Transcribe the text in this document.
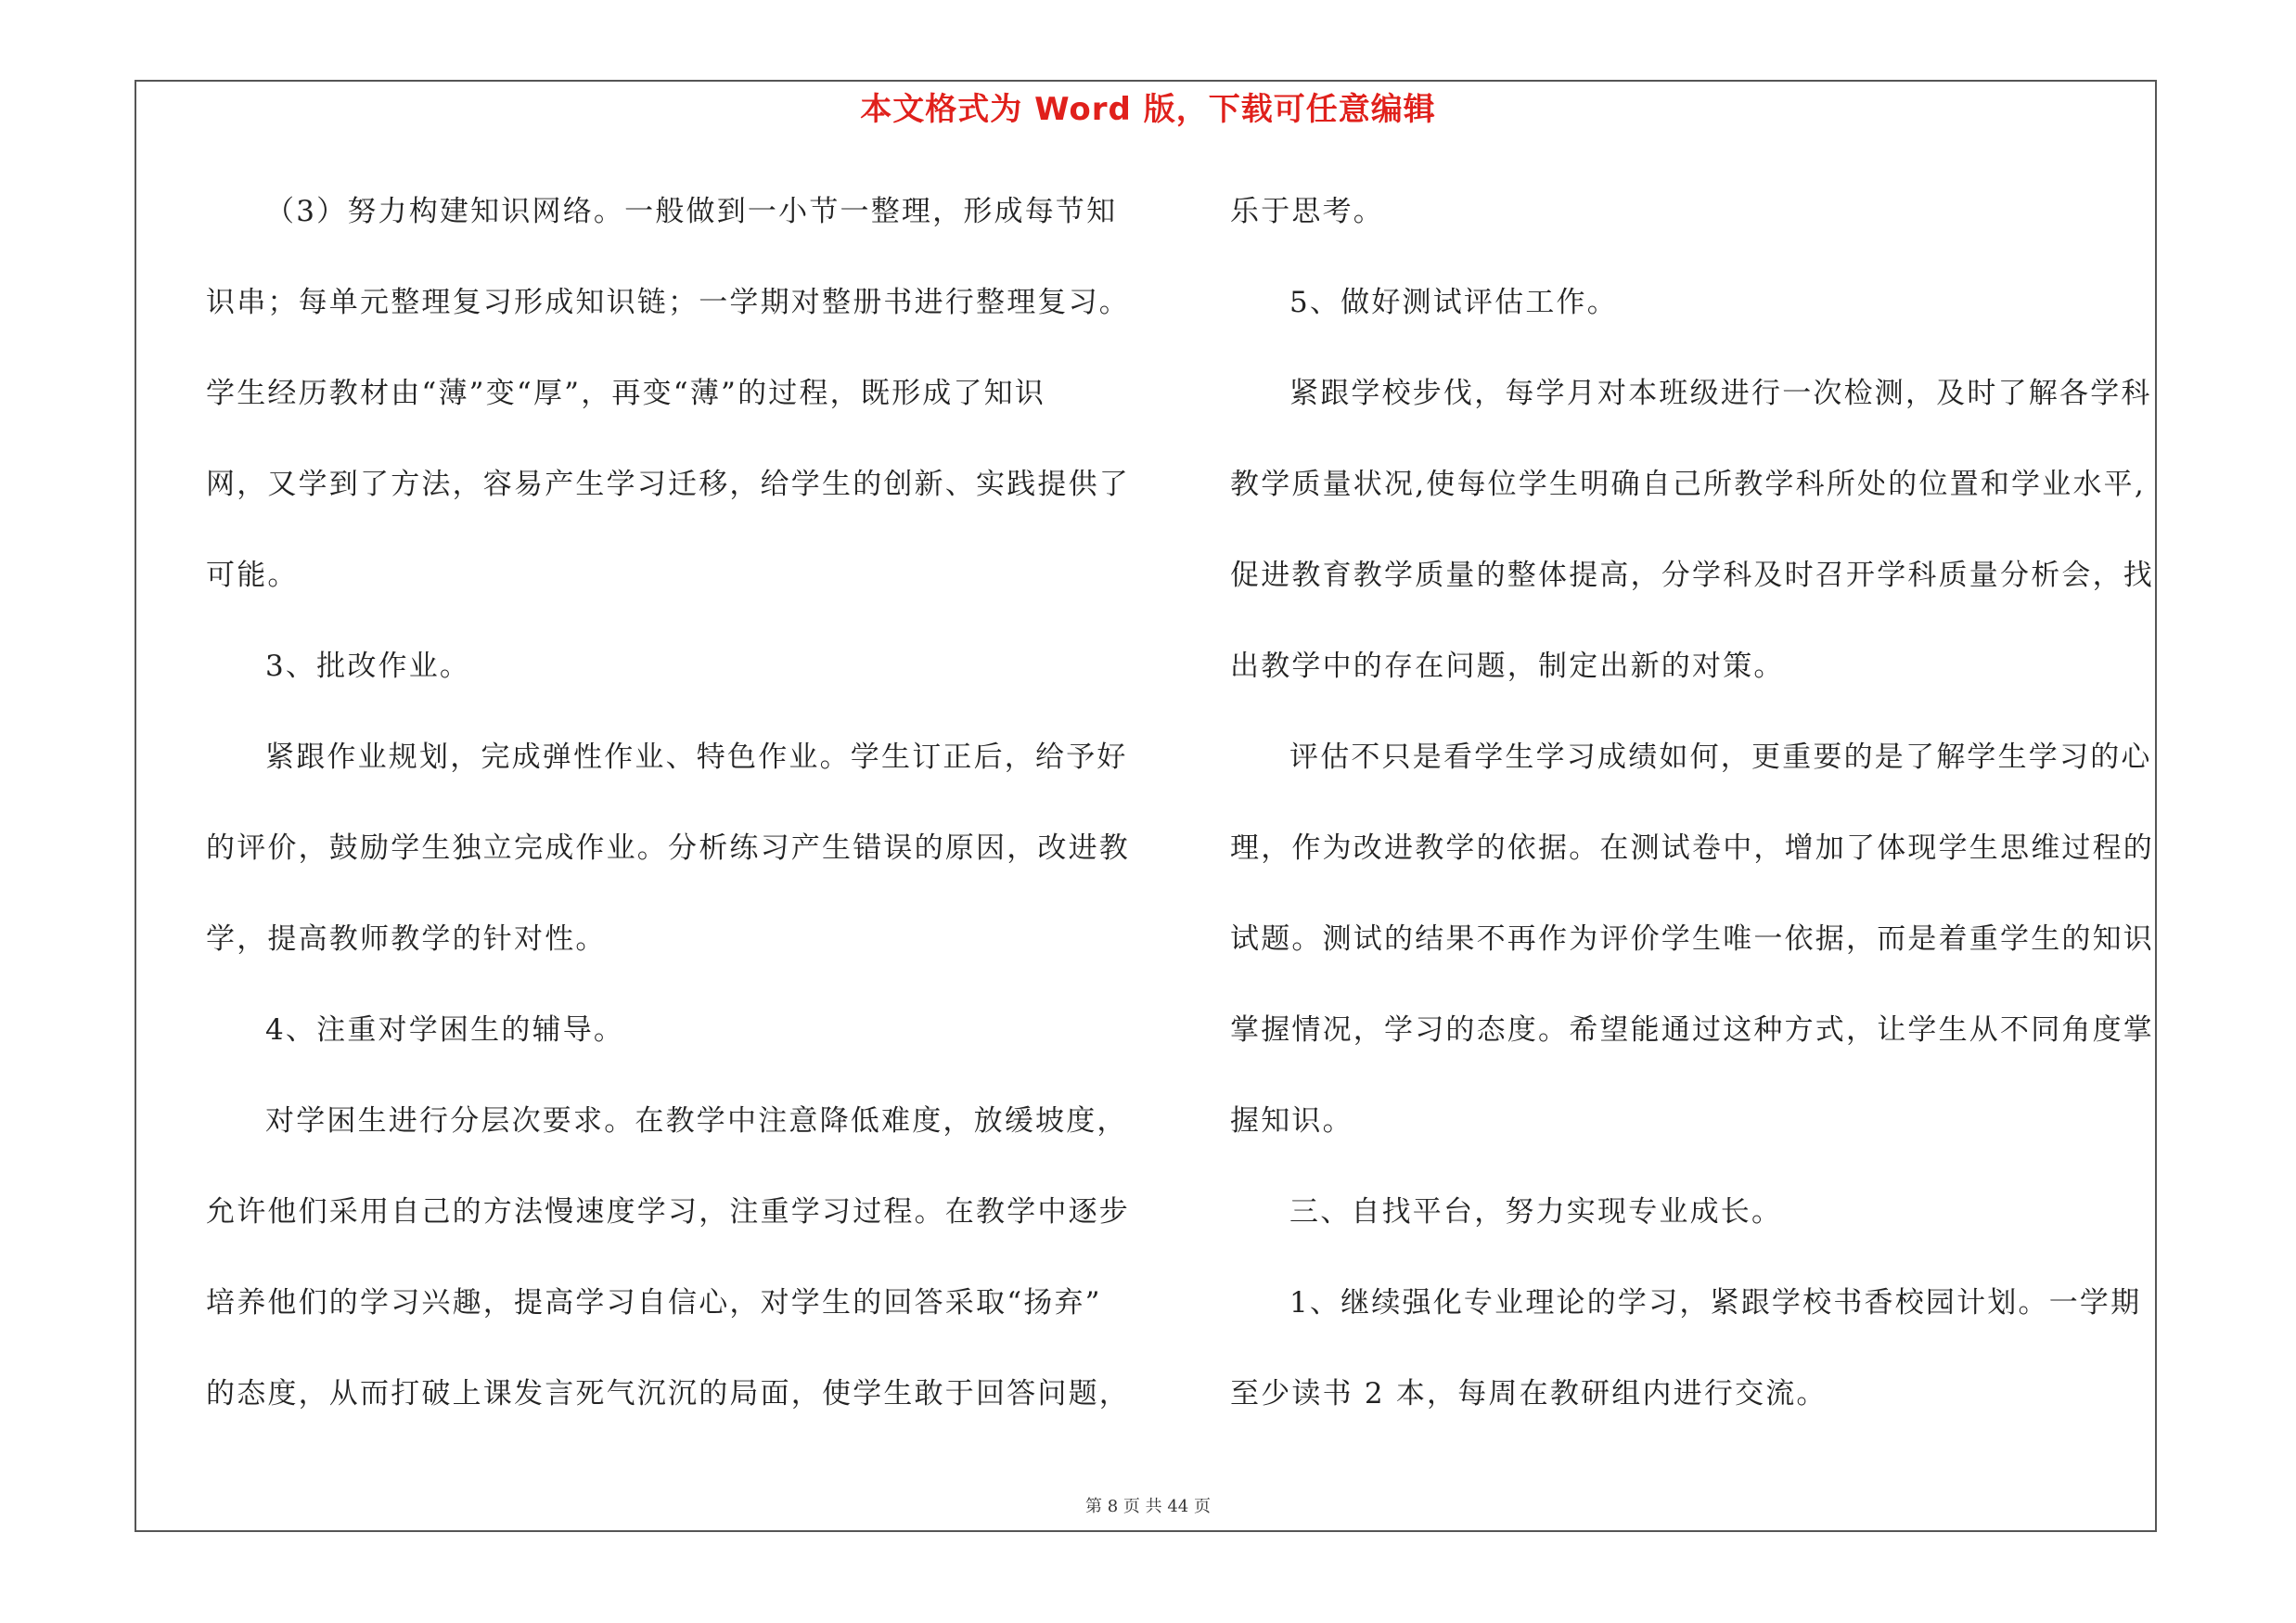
本文格式为 Word 版，下载可任意编辑
（3）努力构建知识网络。一般做到一小节一整理，形成每节知
识串；每单元整理复习形成知识链；一学期对整册书进行整理复习。
学生经历教材由“薄”变“厚”，再变“薄”的过程，既形成了知识
网，又学到了方法，容易产生学习迁移，给学生的创新、实践提供了
可能。
3、批改作业。
紧跟作业规划，完成弹性作业、特色作业。学生订正后，给予好
的评价，鼓励学生独立完成作业。分析练习产生错误的原因，改进教
学，提高教师教学的针对性。
4、注重对学困生的辅导。
对学困生进行分层次要求。在教学中注意降低难度，放缓坡度，
允许他们采用自己的方法慢速度学习，注重学习过程。在教学中逐步
培养他们的学习兴趣，提高学习自信心，对学生的回答采取“扬弃”
的态度，从而打破上课发言死气沉沉的局面，使学生敢于回答问题，
乐于思考。
5、做好测试评估工作。
紧跟学校步伐，每学月对本班级进行一次检测，及时了解各学科
教学质量状况,使每位学生明确自己所教学科所处的位置和学业水平,
促进教育教学质量的整体提高，分学科及时召开学科质量分析会，找
出教学中的存在问题，制定出新的对策。
评估不只是看学生学习成绩如何，更重要的是了解学生学习的心
理，作为改进教学的依据。在测试卷中，增加了体现学生思维过程的
试题。测试的结果不再作为评价学生唯一依据，而是着重学生的知识
掌握情况，学习的态度。希望能通过这种方式，让学生从不同角度掌
握知识。
三、自找平台，努力实现专业成长。
1、继续强化专业理论的学习，紧跟学校书香校园计划。一学期
至少读书 2 本，每周在教研组内进行交流。
第 8 页 共 44 页
